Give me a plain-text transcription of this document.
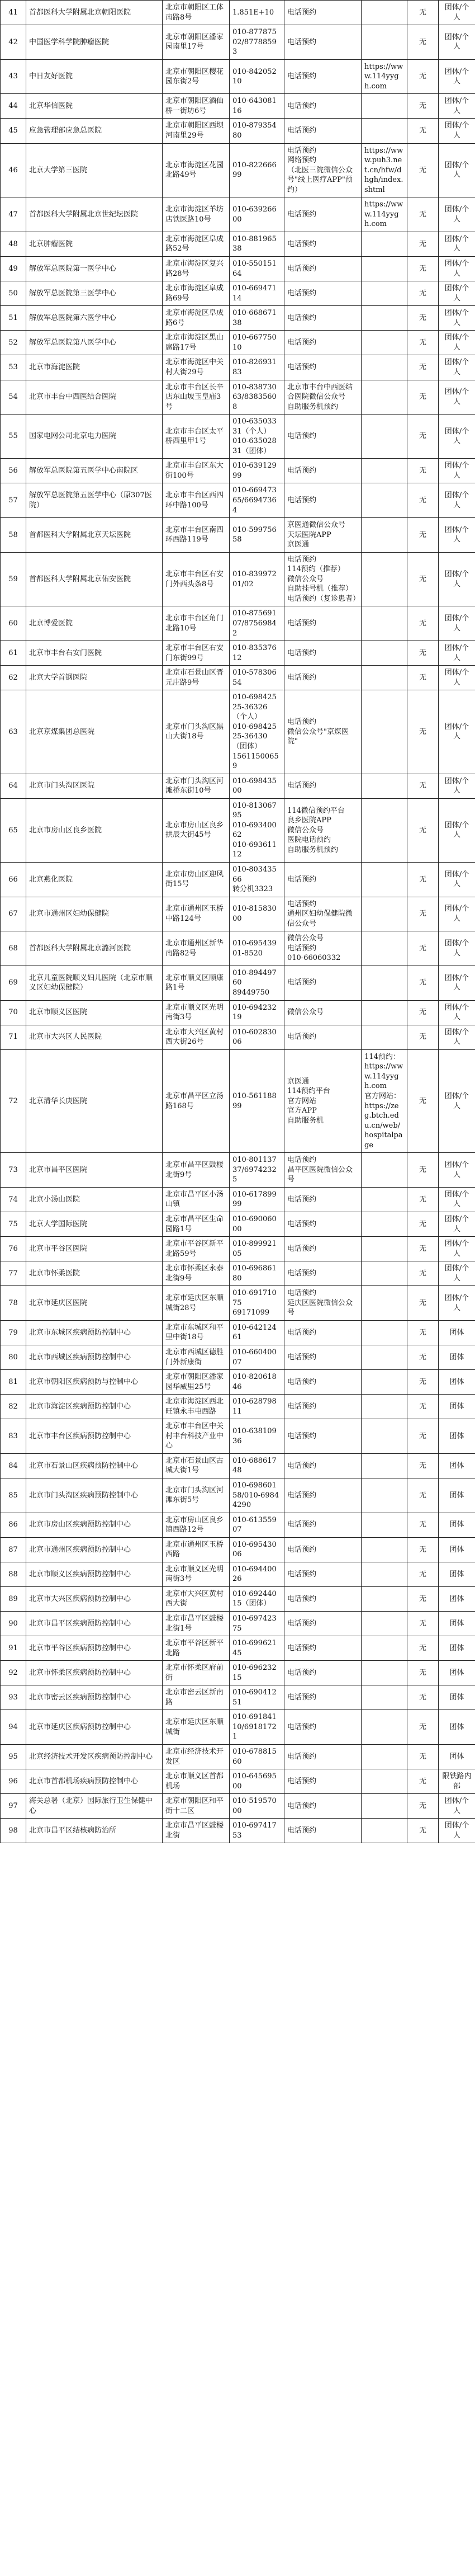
41	首都医科大学附属北京朝阳医院	北京市朝阳区工体南路8号	1.851E+10	电话预约		无	团体/个人
42	中国医学科学院肿瘤医院	北京市朝阳区潘家园南里17号	010-87787502/87788593	电话预约		无	团体/个人
43	中日友好医院	北京市朝阳区樱花园东街2号	010-84205210	电话预约	https://www.114yygh.com	无	团体/个人
44	北京华信医院	北京市朝阳区酒仙桥一街坊6号	010-64308116	电话预约		无	团体/个人
45	应急管理部应急总医院	北京市朝阳区西坝河南里29号	010-87935480	电话预约		无	团体/个人
46	北京大学第三医院	北京市海淀区花园北路49号	010-82266699	电话预约
网络预约
（北医三院微信公众号"线上医疗APP"预约）	https://www.puh3.net.cn/hfw/dhgh/index.shtml	无	团体/个人
47	首都医科大学附属北京世纪坛医院	北京市海淀区羊坊店铁医路10号	010-63926600	电话预约	https://www.114yygh.com	无	团体/个人
48	北京肿瘤医院	北京市海淀区阜成路52号	010-88196538	电话预约		无	团体/个人
49	解放军总医院第一医学中心	北京市海淀区复兴路28号	010-55015164	电话预约		无	团体/个人
50	解放军总医院第三医学中心	北京市海淀区阜成路69号	010-66947114	电话预约		无	团体/个人
51	解放军总医院第六医学中心	北京市海淀区阜成路6号	010-66867138	电话预约		无	团体/个人
52	解放军总医院第八医学中心	北京市海淀区黑山扈路17号	010-66775010	电话预约		无	团体/个人
53	北京市海淀医院	北京市海淀区中关村大街29号	010-82693183	电话预约		无	团体/个人
54	北京市丰台中西医结合医院	北京市丰台区长辛店东山坡玉皇庙3号	010-83873063/83835608	北京市丰台中西医结合医院微信公众号
自助服务机预约		无	团体/个人
55	国家电网公司北京电力医院	北京市丰台区太平桥西里甲1号	010-63503331（个人）
010-63502831（团体）	电话预约		无	团体/个人
56	解放军总医院第五医学中心南院区	北京市丰台区东大街100号	010-63912999	电话预约		无	团体/个人
57	解放军总医院第五医学中心（原307医院）	北京市丰台区西四环中路100号	010-66947365/66947364	电话预约		无	团体/个人
58	首都医科大学附属北京天坛医院	北京市丰台区南四环西路119号	010-59975658	京医通微信公众号
天坛医院APP
京医通		无	团体/个人
59	首都医科大学附属北京佑安医院	北京市丰台区右安门外西头条8号	010-83997201/02	电话预约
114预约（推荐）
微信公众号
自助挂号机（推荐）
电话预约（复诊患者）		无	团体/个人
60	北京博爱医院	北京市丰台区角门北路10号	010-87569107/87569842	电话预约		无	团体/个人
61	北京市丰台右安门医院	北京市丰台区右安门东街99号	010-83537612	电话预约		无	团体/个人
62	北京大学首钢医院	北京市石景山区晋元庄路9号	010-57830654	电话预约		无	团体/个人
63	北京京煤集团总医院	北京市门头沟区黑山大街18号	010-69842525-36326（个人）
010-69842525-36430（团体）
15611500659	电话预约
微信公众号"京煤医院"		无	团体/个人
64	北京市门头沟区医院	北京市门头沟区河滩桥东街10号	010-69843500	电话预约		无	团体/个人
65	北京市房山区良乡医院	北京市房山区良乡拱辰大街45号	010-81306795
010-69340062
010-69361112	114微信预约平台
良乡医院APP
微信公众号
医院电话预约
自助服务机预约		无	团体/个人
66	北京燕化医院	北京市房山区迎风街15号	010-80343566
转分机3323	电话预约		无	团体/个人
67	北京市通州区妇幼保健院	北京市通州区玉桥中路124号	010-81583000	电话预约
通州区妇幼保健院微信公众号		无	团体/个人
68	首都医科大学附属北京潞河医院	北京市通州区新华南路82号	010-69543901-8520	微信公众号
电话预约
010-66060332		无	团体/个人
69	北京儿童医院顺义妇儿医院（北京市顺义区妇幼保健院）	北京市顺义区顺康路1号	010-89449760
89449750	电话预约		无	团体/个人
70	北京市顺义区医院	北京市顺义区光明南街3号	010-69423219	微信公众号		无	团体/个人
71	北京市大兴区人民医院	北京市大兴区黄村西大街26号	010-60283006	电话预约		无	团体/个人
72	北京清华长庚医院	北京市昌平区立汤路168号	010-56118899	京医通
114预约平台
官方网站
官方APP
自助服务机	114预约：https://www.114yygh.com
官方网站：https://zeg.btch.edu.cn/web/hospitalpage	无	团体/个人
73	北京市昌平区医院	北京市昌平区鼓楼北街9号	010-80113737/69742325	电话预约
昌平区医院微信公众号		无	团体/个人
74	北京小汤山医院	北京市昌平区小汤山镇	010-61789999	电话预约		无	团体/个人
75	北京大学国际医院	北京市昌平区生命园路1号	010-69006000	电话预约		无	团体/个人
76	北京市平谷区医院	北京市平谷区新平北路59号	010-89992105	电话预约		无	团体/个人
77	北京市怀柔医院	北京市怀柔区永泰北街9号	010-69686180	电话预约		无	团体/个人
78	北京市延庆区医院	北京市延庆区东顺城街28号	010-69171075
69171099	电话预约
延庆区医院微信公众号		无	团体/个人
79	北京市东城区疾病预防控制中心	北京市东城区和平里中街18号	010-64212461	电话预约		无	团体
80	北京市西城区疾病预防控制中心	北京市西城区德胜门外新康街	010-66040007	电话预约		无	团体
81	北京市朝阳区疾病预防与控制中心	北京市朝阳区潘家园华威里25号	010-82061846	电话预约		无	团体
82	北京市海淀区疾病预防控制中心	北京市海淀区西北旺镇永丰屯西路	010-62879811	电话预约		无	团体
83	北京市丰台区疾病预防控制中心	北京市丰台区中关村丰台科技产业中心	010-63810936	电话预约		无	团体
84	北京市石景山区疾病预防控制中心	北京市石景山区古城大街1号	010-68861748	电话预约		无	团体
85	北京市门头沟区疾病预防控制中心	北京市门头沟区河滩东街5号	010-69860158/010-69844290	电话预约		无	团体
86	北京市房山区疾病预防控制中心	北京市房山区良乡镇西路12号	010-61355907	电话预约		无	团体
87	北京市通州区疾病预防控制中心	北京市通州区玉桥西路	010-69543006	电话预约		无	团体
88	北京市顺义区疾病预防控制中心	北京市顺义区光明南街3号	010-69440026	电话预约		无	团体
89	北京市大兴区疾病预防控制中心	北京市大兴区黄村西大街	010-69244015（团体）	电话预约		无	团体
90	北京市昌平区疾病预防控制中心	北京市昌平区鼓楼北街1号	010-69742375	电话预约		无	团体
91	北京市平谷区疾病预防控制中心	北京市平谷区新平北路	010-69962145	电话预约		无	团体
92	北京市怀柔区疾病预防控制中心	北京市怀柔区府前街	010-69623215	电话预约		无	团体
93	北京市密云区疾病预防控制中心	北京市密云区新南路	010-69041251	电话预约		无	团体
94	北京市延庆区疾病预防控制中心	北京市延庆区东顺城街	010-69184110/69181721	电话预约		无	团体
95	北京经济技术开发区疾病预防控制中心	北京市经济技术开发区	010-67881560	电话预约		无	团体
96	北京市首都机场疾病预防控制中心	北京市顺义区首都机场	010-64569500	电话预约		无	限铁路内部
97	海关总署（北京）国际旅行卫生保健中心	北京市朝阳区和平街十二区	010-51957000	电话预约		无	团体/个人
98	北京市昌平区结核病防治所	北京市昌平区鼓楼北街	010-69741753	电话预约		无	团体/个人
